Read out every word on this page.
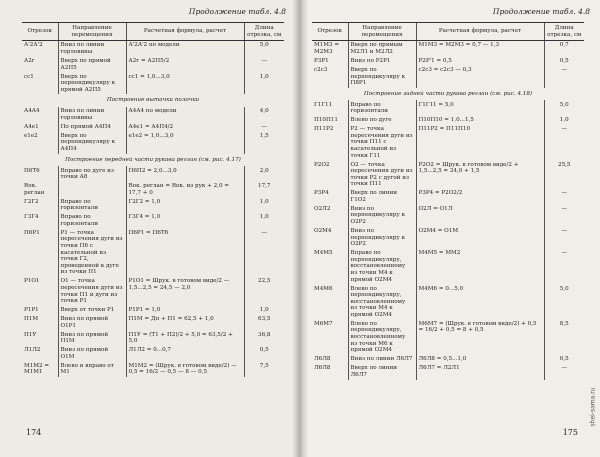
Продолжение табл. 4.8
Отрезок	Направление перемещения	Расчетная формула, расчет	Длина отрезка, см
А'2А'2	Вниз по линии горловины	А'2А'2 по модели	5,0
А2г	Вверх по прямой А2П5	А2г = А2П5/2	—
сс1	Вверх по перпендикуляру к прямой А2П5	сс1 = 1,0...3,0	1,0
Построение вытачки полочки			
А4А4	Вниз по линии горловины	А4А4 по модели	4,0
А4е1	По прямой А4П4	А4е1 = А4П4/2	—
е1е2	Вверх по перпендикуляру к А4П4	е1е2 = 1,0...3,0	1,5
Построение передней части рукава реглан (см. рис. 4.17)			
П6Т6	Вправо по дуге из точки А8	П6П2 = 2,0...3,0	2,0
Rок. реглан		Rок. реглан = Rок. из рук + 2,0 = 17,7 + 0	17,7
Г2Г2	Вправо по горизонтали	Г2Г2 = 1,0	1,0
Г3Г4	Вправо по горизонтали	Г3Г4 = 1,0	1,0
П6Р1	Р1 — точка пересечения дуги из точки П6 с касательной из точки Г2, проведенной к дуге из точки П1	П6Р1 = П6Т6	—
Р1О1	О1 — точка пересечения дуги из точки П1 и дуги из точки Р1	Р1О1 = Шрук. в готовом виде/2 — 1,5...2,5 = 24,5 — 2,0	22,5
Р1Р1	Вверх от точки Р1	Р1Р1 = 1,0	1,0
П1М	Вниз по прямой О1Р1	П1М = Дп + П1 = 62,5 + 1,0	63,5
П1У	Вниз по прямой П1М	П1У = (Т1 + П2)/2 + 5,0 = 63,5/2 + 5,0	36,8
Л1Л2	Вниз по прямой О1М	Л1Л2 = 0...0,7	0,5
М1М2 = М1М1	Влево и вправо от М1	М1М2 = (Шрук. в готовом виде/2) — 0,5 = 16/2 — 0,5 — 8 — 0,5	7,5
174
Продолжение табл. 4.8
Отрезок	Направление перемещения	Расчетная формула, расчет	Длина отрезка, см
М1М3 = М2М3	Вверх по прямым М2Л1 и М2Л2	М1М3 = М2М3 = 0,7 — 1,3	0,7
Р3Р1	Вниз по Р2Р1	Р2Р'1 = 0,5	0,5
c2c3	Вверх по перпендикуляру к П8Р1	c2c3 = c2c3 — 0,3	—
Построение задней части рукава реглан (см. рис. 4.18)			
Г1Г11	Вправо по горизонтали	Г1Г11 = 5,0	5,0
П10П11	Влево по дуге	П10П10 = 1,0...1,5	1,0
П11Р2	Р2 — точка пересечения дуги из точки П11 с касательной из точки Г11	П11Р2 = П11П10	—
Р2О2	О2 — точка пересечения дуги из точки Р2 с дугой из точки П11	Р2О2 = Шрук. в готовом виде/2 + 1,5...2,5 = 24,0 + 1,5	25,5
Р3Р4	Вверх по линии Г1О2	Р3Р4 = Р2О2/2	—
О2Л2	Вниз по перпендикуляру к О2Р2	О2Л = О1Л	—
О2М4	Вниз по перпендикуляру к О2Р2	О2М4 = О1М	—
М4М5	Вправо по перпендикуляру, восстановленному из точки М4 к прямой О2М4	М4М5 = ММ2	—
М4М6	Влево по перпендикуляру, восстановленному из точки М4 к прямой О2М4	М4М6 = 0...5,0	5,0
М6М7	Влево по перпендикуляру, восстановленному из точки М6 к прямой О2М4	М6М7 = (Шрук. в готовом виде/2) + 0,5 = 16/2 + 0,5 = 8 + 0,5	8,5
Л6Л8	Вниз по линии Л6Л7	Л6Л8 = 0,5...1,0	0,5
Л6Л8	Вверх по линии Л6Л7	Л6Л7 = Л2Л1	—
175
shei-sama.ru
